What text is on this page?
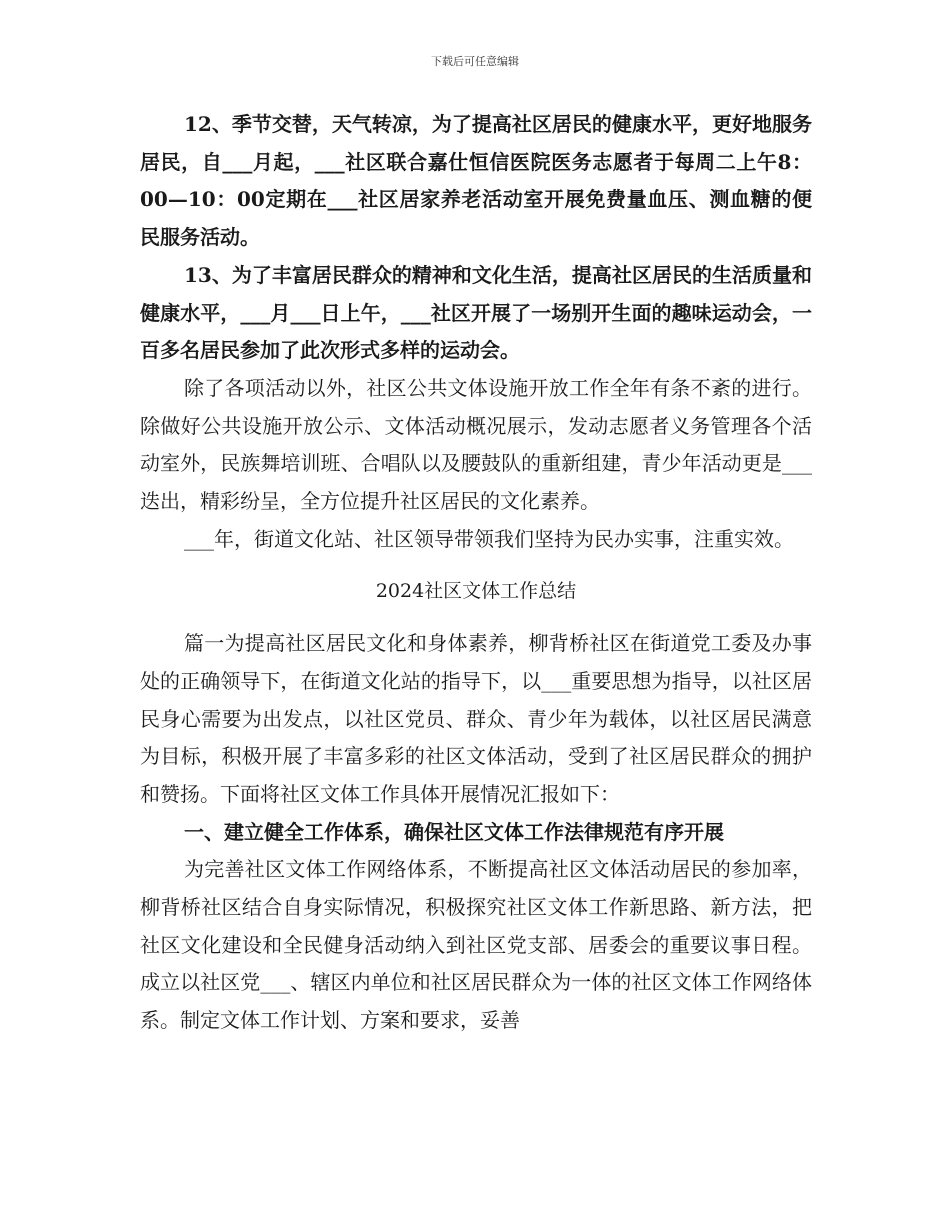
下载后可任意编辑

12、季节交替，天气转凉，为了提高社区居民的健康水平，更好地服务居民，自___月起，___社区联合嘉仕恒信医院医务志愿者于每周二上午8：00—10：00定期在___社区居家养老活动室开展免费量血压、测血糖的便民服务活动。

13、为了丰富居民群众的精神和文化生活，提高社区居民的生活质量和健康水平，___月___日上午，___社区开展了一场别开生面的趣味运动会，一百多名居民参加了此次形式多样的运动会。

除了各项活动以外，社区公共文体设施开放工作全年有条不紊的进行。除做好公共设施开放公示、文体活动概况展示，发动志愿者义务管理各个活动室外，民族舞培训班、合唱队以及腰鼓队的重新组建，青少年活动更是___迭出，精彩纷呈，全方位提升社区居民的文化素养。

___年，街道文化站、社区领导带领我们坚持为民办实事，注重实效。

2024社区文体工作总结

篇一为提高社区居民文化和身体素养，柳背桥社区在街道党工委及办事处的正确领导下，在街道文化站的指导下，以___重要思想为指导，以社区居民身心需要为出发点，以社区党员、群众、青少年为载体，以社区居民满意为目标，积极开展了丰富多彩的社区文体活动，受到了社区居民群众的拥护和赞扬。下面将社区文体工作具体开展情况汇报如下：

一、建立健全工作体系，确保社区文体工作法律规范有序开展

为完善社区文体工作网络体系，不断提高社区文体活动居民的参加率，柳背桥社区结合自身实际情况，积极探究社区文体工作新思路、新方法，把社区文化建设和全民健身活动纳入到社区党支部、居委会的重要议事日程。成立以社区党___、辖区内单位和社区居民群众为一体的社区文体工作网络体系。制定文体工作计划、方案和要求，妥善
